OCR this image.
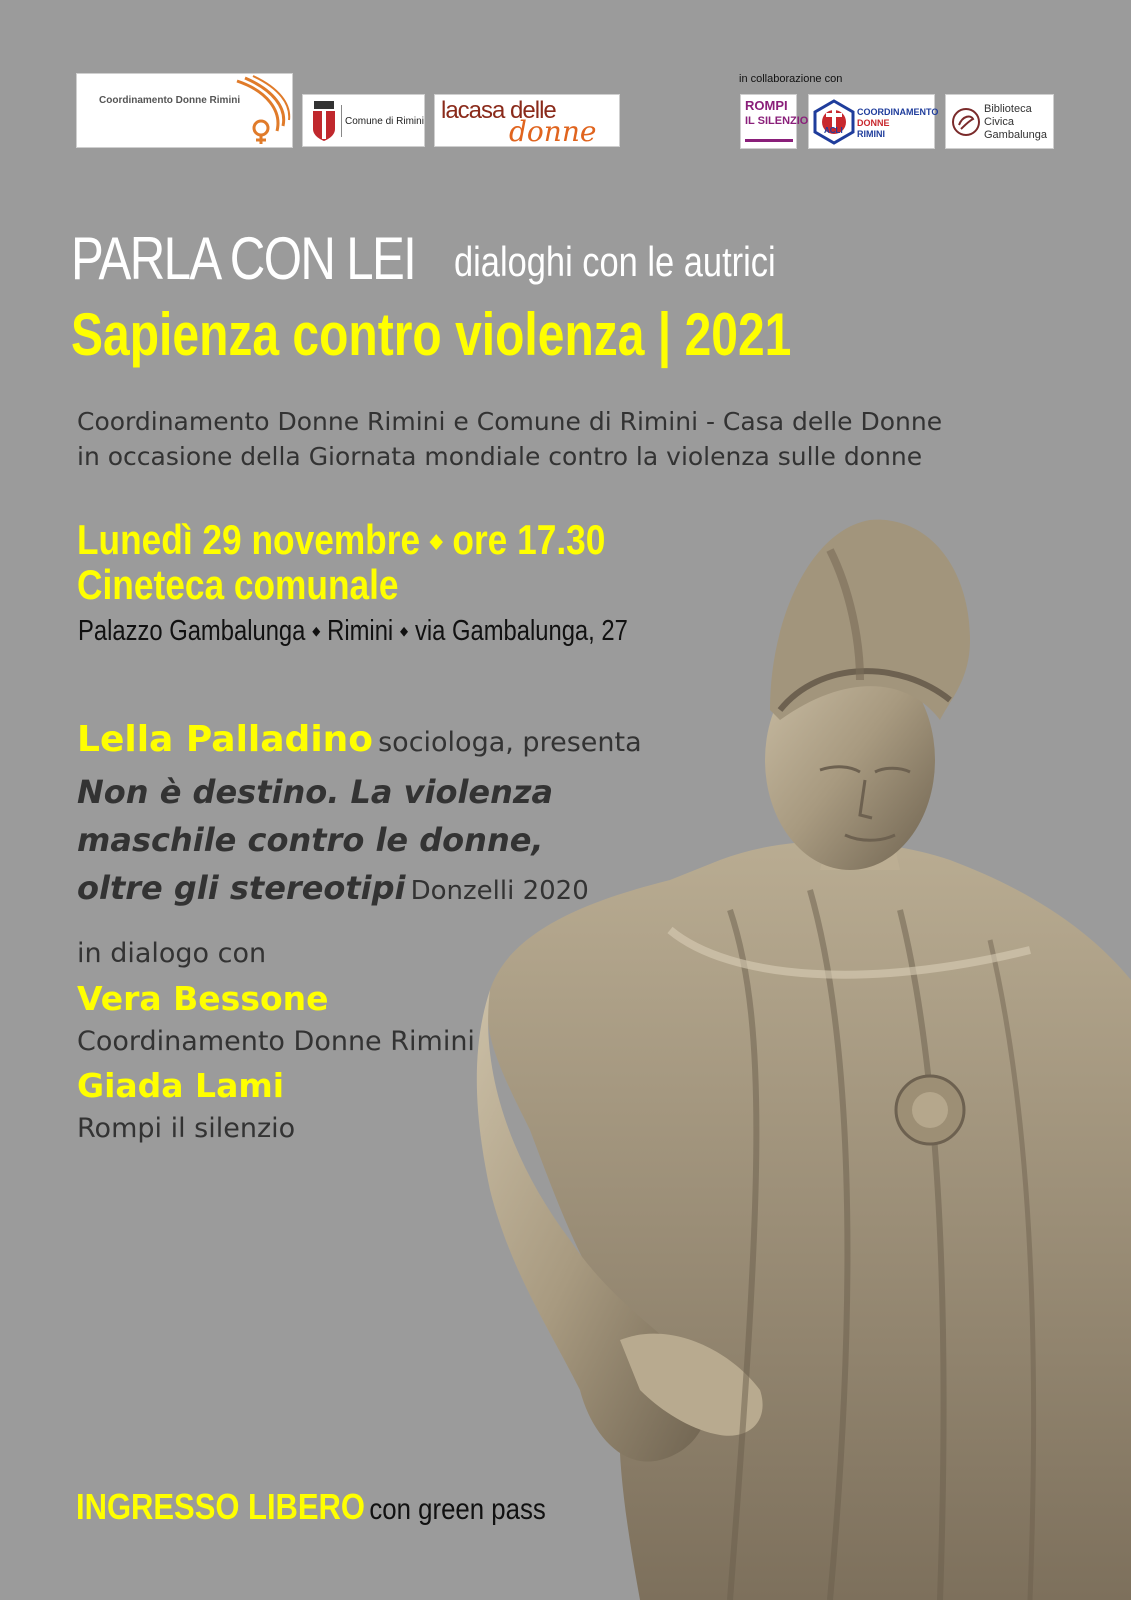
Coordinamento Donne Rimini
Comune di Rimini lacasa delle
donne
in collaborazione con
ROMPI
IL SILENZIO
ACLI
COORDINAMENTO
DONNE
RIMINI
Biblioteca
Civica
Gambalunga
PARLA CON LEI dialoghi con le autrici
Sapienza contro violenza | 2021
Coordinamento Donne Rimini e Comune di Rimini - Casa delle Donne
in occasione della Giornata mondiale contro la violenza sulle donne
Lunedì 29 novembre ⬩ ore 17.30
Cineteca comunale
Palazzo Gambalunga ⬩ Rimini ⬩ via Gambalunga, 27
Lella Palladino sociologa, presenta
Non è destino. La violenza
maschile contro le donne,
oltre gli stereotipi Donzelli 2020
in dialogo con
Vera Bessone
Coordinamento Donne Rimini
Giada Lami
Rompi il silenzio
INGRESSO LIBERO con green pass
